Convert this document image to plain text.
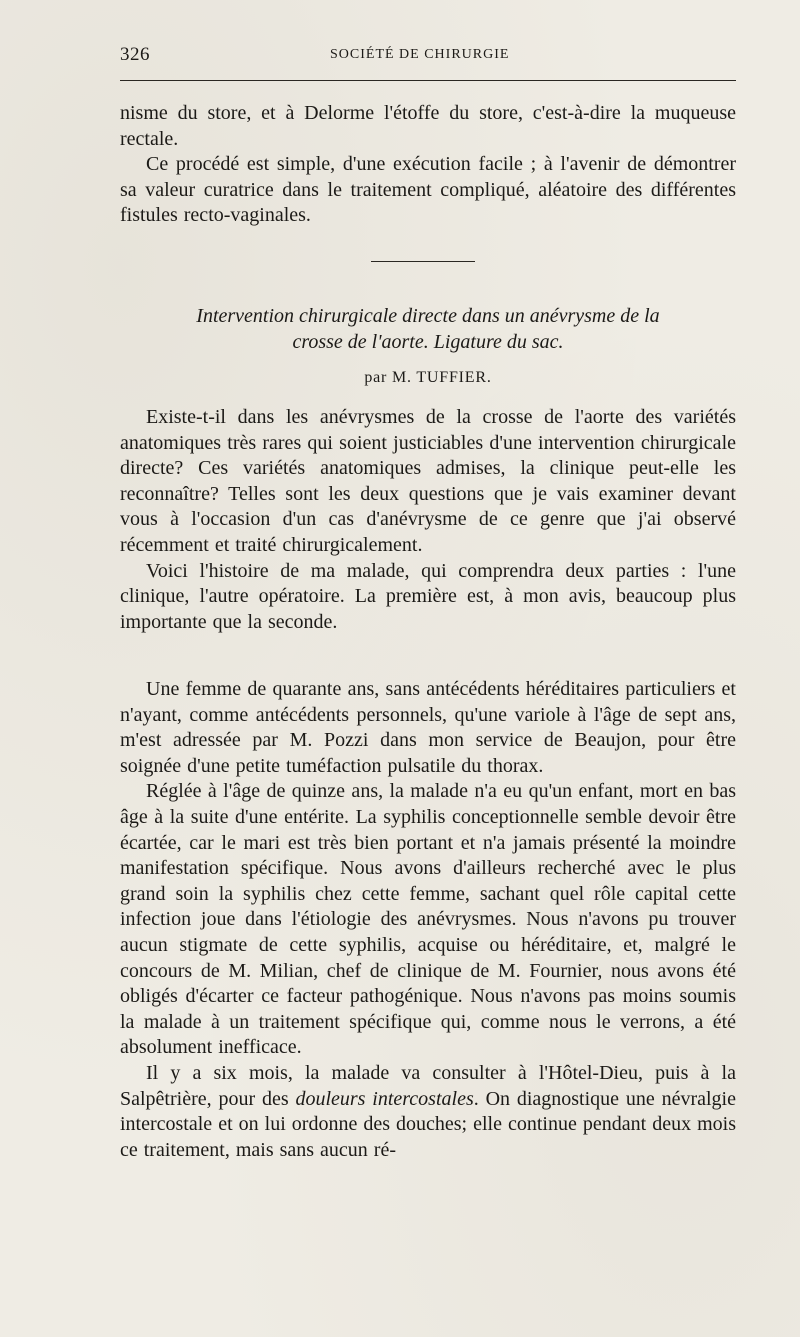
326	SOCIÉTÉ DE CHIRURGIE

nisme du store, et à Delorme l'étoffe du store, c'est-à-dire la muqueuse rectale.

Ce procédé est simple, d'une exécution facile ; à l'avenir de démontrer sa valeur curatrice dans le traitement compliqué, aléatoire des différentes fistules recto-vaginales.

Intervention chirurgicale directe dans un anévrysme de la
crosse de l'aorte. Ligature du sac.
par M. TUFFIER.

Existe-t-il dans les anévrysmes de la crosse de l'aorte des variétés anatomiques très rares qui soient justiciables d'une intervention chirurgicale directe? Ces variétés anatomiques admises, la clinique peut-elle les reconnaître? Telles sont les deux questions que je vais examiner devant vous à l'occasion d'un cas d'anévrysme de ce genre que j'ai observé récemment et traité chirurgicalement.

Voici l'histoire de ma malade, qui comprendra deux parties : l'une clinique, l'autre opératoire. La première est, à mon avis, beaucoup plus importante que la seconde.

Une femme de quarante ans, sans antécédents héréditaires particuliers et n'ayant, comme antécédents personnels, qu'une variole à l'âge de sept ans, m'est adressée par M. Pozzi dans mon service de Beaujon, pour être soignée d'une petite tuméfaction pulsatile du thorax.

Réglée à l'âge de quinze ans, la malade n'a eu qu'un enfant, mort en bas âge à la suite d'une entérite. La syphilis conceptionnelle semble devoir être écartée, car le mari est très bien portant et n'a jamais présenté la moindre manifestation spécifique. Nous avons d'ailleurs recherché avec le plus grand soin la syphilis chez cette femme, sachant quel rôle capital cette infection joue dans l'étiologie des anévrysmes. Nous n'avons pu trouver aucun stigmate de cette syphilis, acquise ou héréditaire, et, malgré le concours de M. Milian, chef de clinique de M. Fournier, nous avons été obligés d'écarter ce facteur pathogénique. Nous n'avons pas moins soumis la malade à un traitement spécifique qui, comme nous le verrons, a été absolument inefficace.

Il y a six mois, la malade va consulter à l'Hôtel-Dieu, puis à la Salpêtrière, pour des douleurs intercostales. On diagnostique une névralgie intercostale et on lui ordonne des douches; elle continue pendant deux mois ce traitement, mais sans aucun ré-
